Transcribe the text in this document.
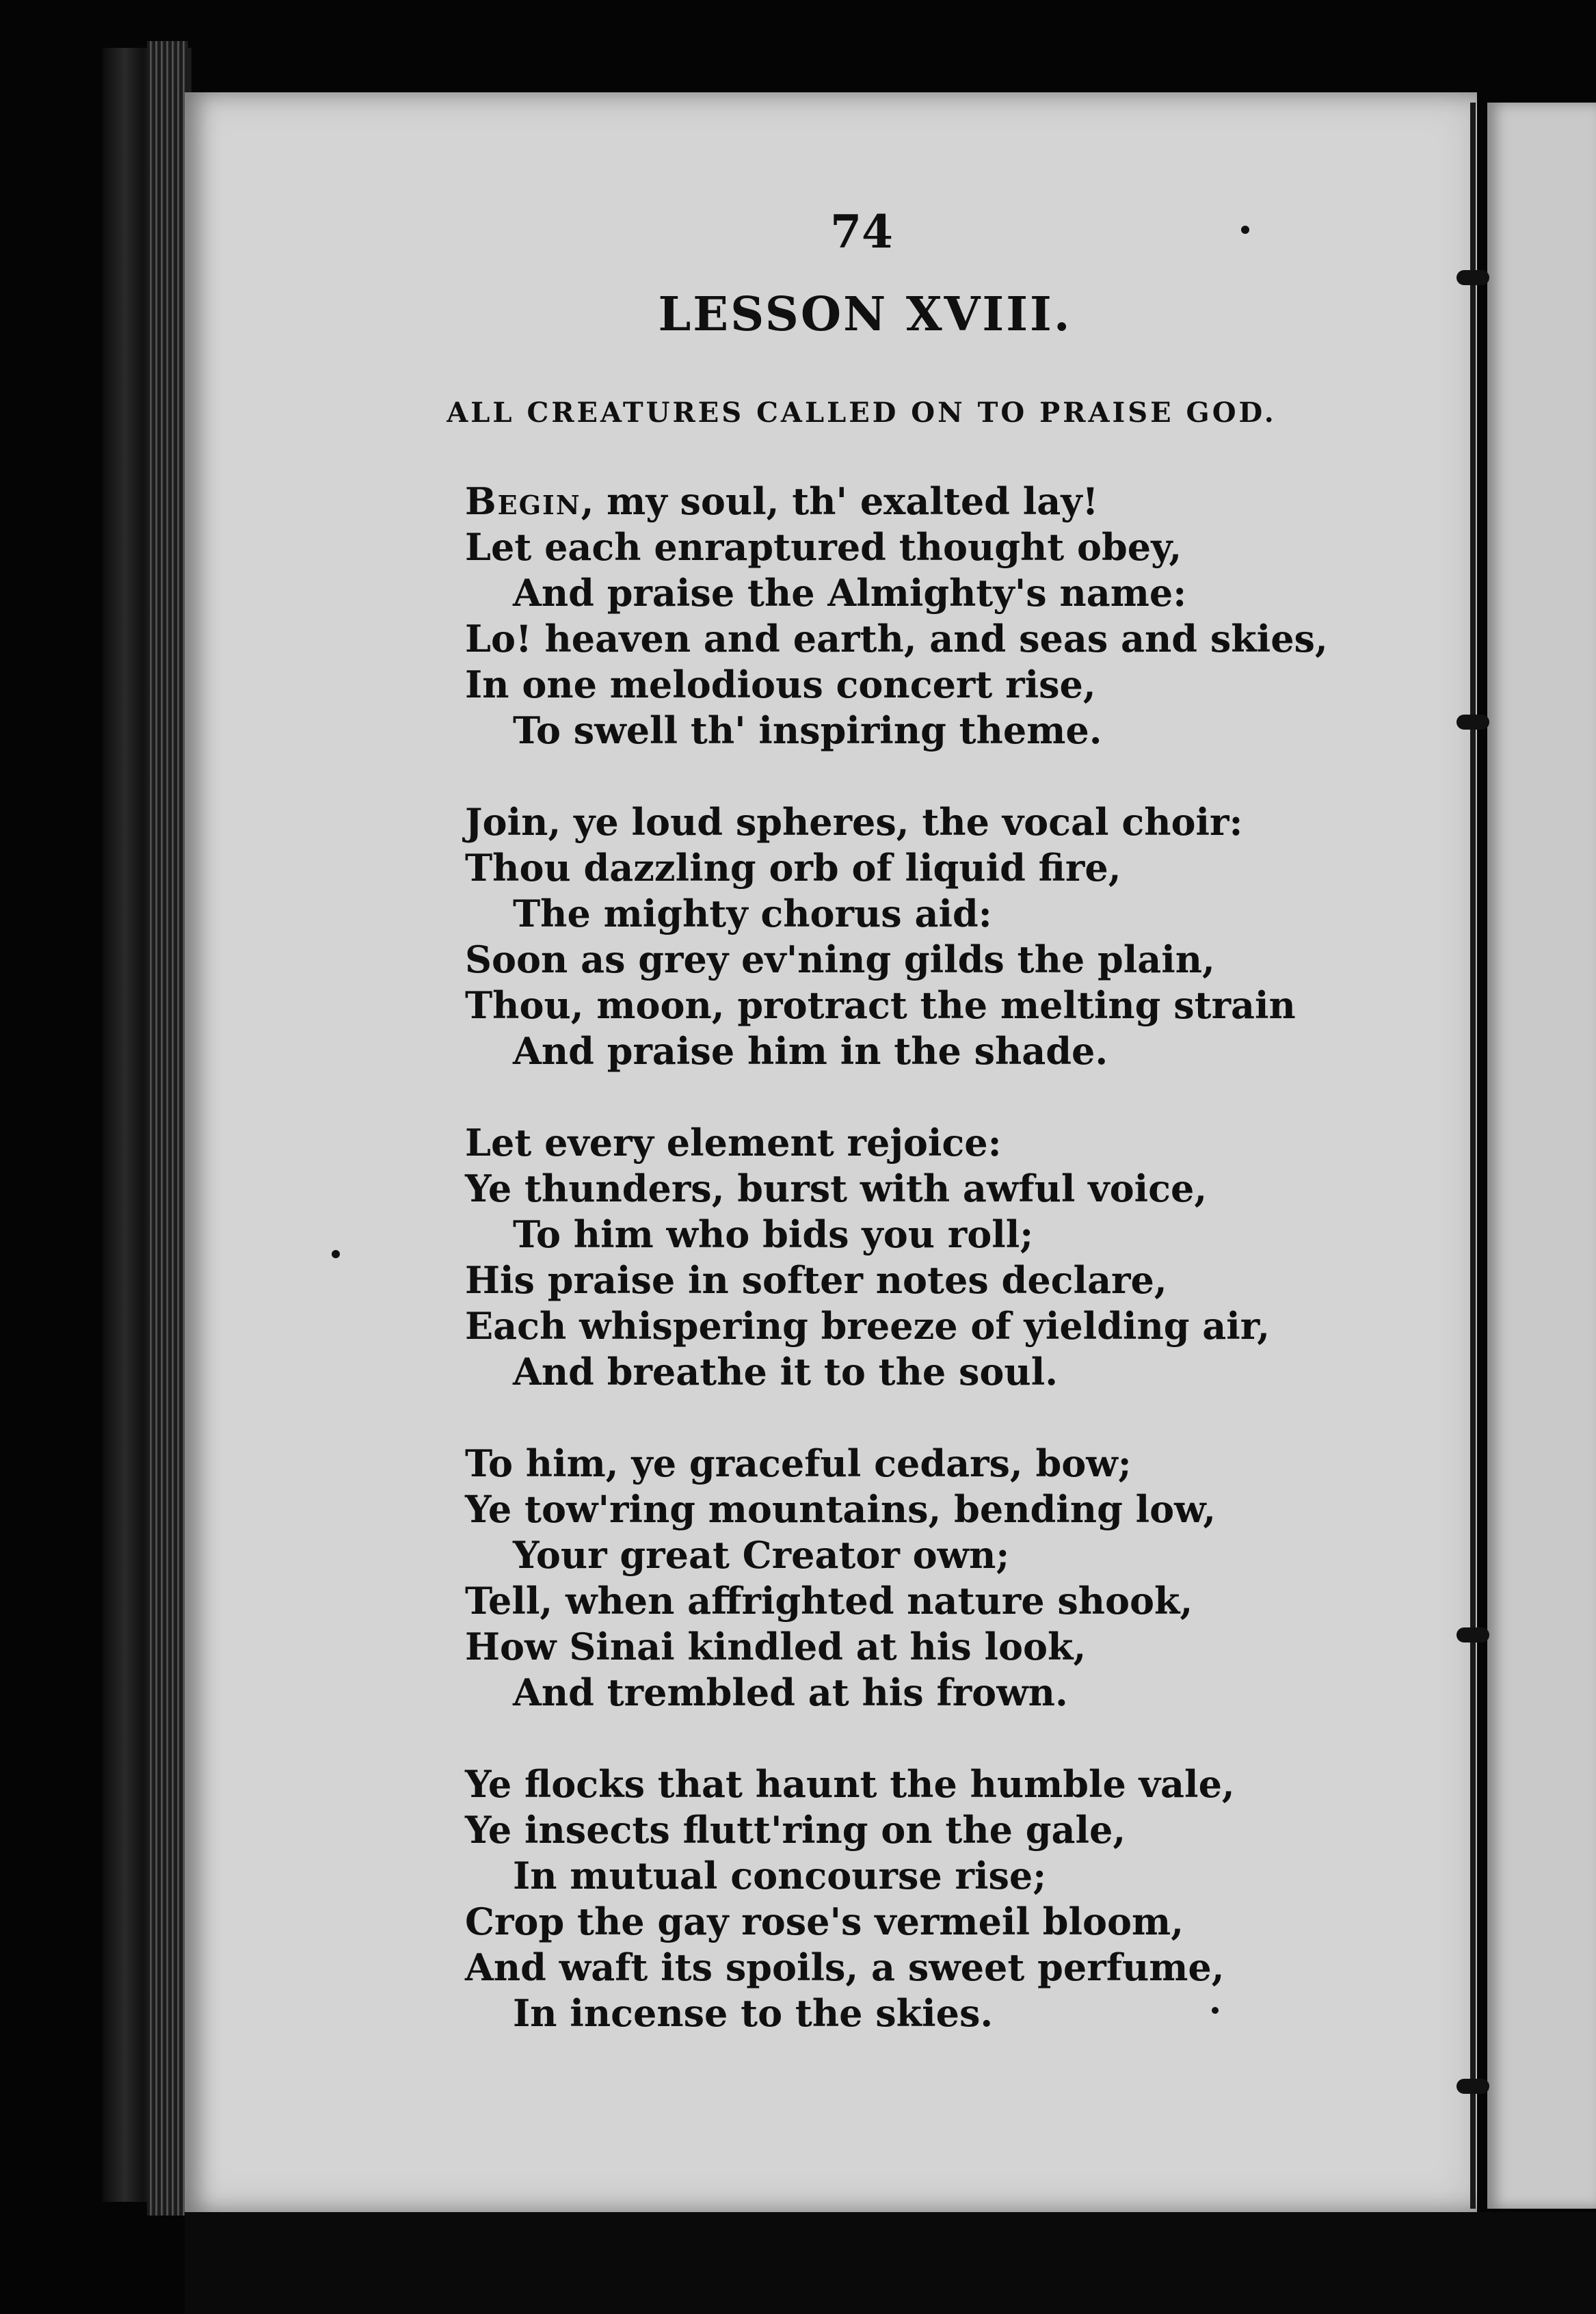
74
LESSON XVIII.
ALL CREATURES CALLED ON TO PRAISE GOD.
Begin, my soul, th' exalted lay!
Let each enraptured thought obey,
And praise the Almighty's name:
Lo! heaven and earth, and seas and skies,
In one melodious concert rise,
To swell th' inspiring theme.
Join, ye loud spheres, the vocal choir:
Thou dazzling orb of liquid fire,
The mighty chorus aid:
Soon as grey ev'ning gilds the plain,
Thou, moon, protract the melting strain
And praise him in the shade.
Let every element rejoice:
Ye thunders, burst with awful voice,
To him who bids you roll;
His praise in softer notes declare,
Each whispering breeze of yielding air,
And breathe it to the soul.
To him, ye graceful cedars, bow;
Ye tow'ring mountains, bending low,
Your great Creator own;
Tell, when affrighted nature shook,
How Sinai kindled at his look,
And trembled at his frown.
Ye flocks that haunt the humble vale,
Ye insects flutt'ring on the gale,
In mutual concourse rise;
Crop the gay rose's vermeil bloom,
And waft its spoils, a sweet perfume,
In incense to the skies.
